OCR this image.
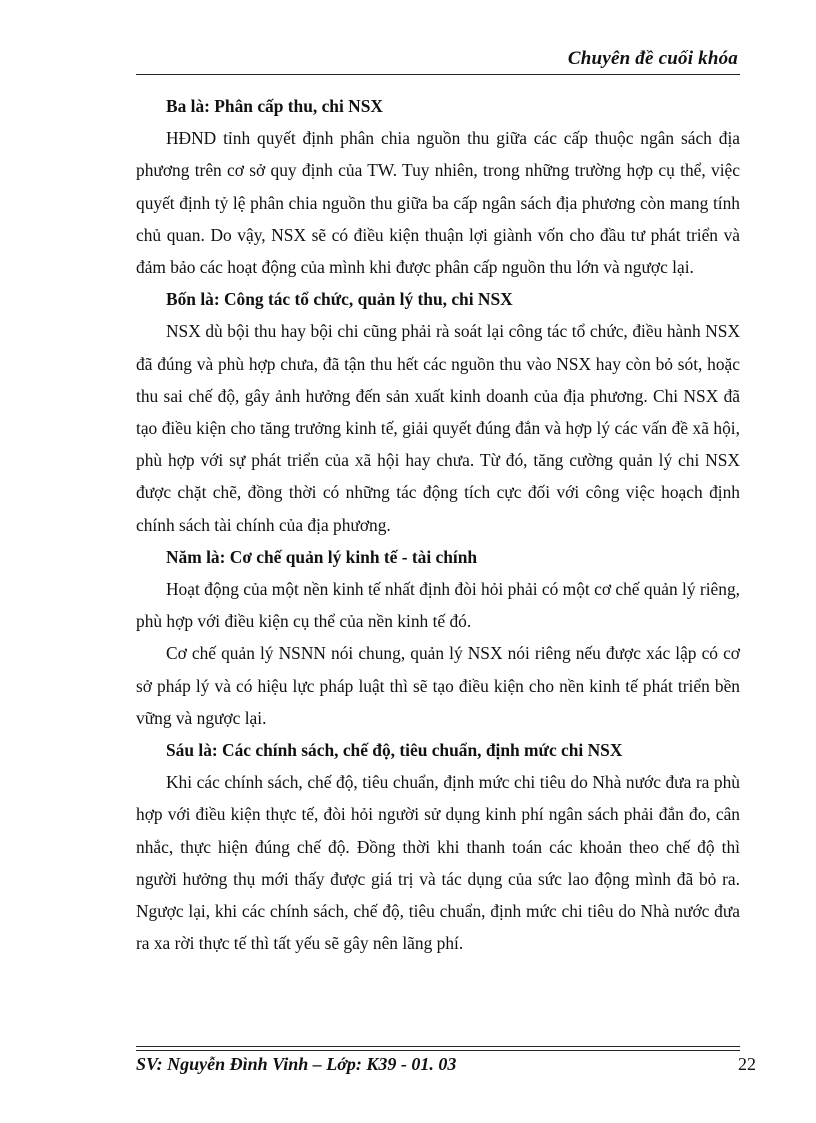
Chuyên đề cuối khóa

Ba là: Phân cấp thu, chi NSX

HĐND tỉnh quyết định phân chia nguồn thu giữa các cấp thuộc ngân sách địa phương trên cơ sở quy định của TW. Tuy nhiên, trong những trường hợp cụ thể, việc quyết định tỷ lệ phân chia nguồn thu giữa ba cấp ngân sách địa phương còn mang tính chủ quan. Do vậy, NSX sẽ có điều kiện thuận lợi giành vốn cho đầu tư phát triển và đảm bảo các hoạt động của mình khi được phân cấp nguồn thu lớn và ngược lại.

Bốn là: Công tác tổ chức, quản lý thu, chi NSX

NSX dù bội thu hay bội chi cũng phải rà soát lại công tác tổ chức, điều hành NSX đã đúng và phù hợp chưa, đã tận thu hết các nguồn thu vào NSX hay còn bỏ sót, hoặc thu sai chế độ, gây ảnh hưởng đến sản xuất kinh doanh của địa phương. Chi NSX đã tạo điều kiện cho tăng trưởng kinh tế, giải quyết đúng đắn và hợp lý các vấn đề xã hội, phù hợp với sự phát triển của xã hội hay chưa. Từ đó, tăng cường quản lý chi NSX được chặt chẽ, đồng thời có những tác động tích cực đối với công việc hoạch định chính sách tài chính của địa phương.

Năm là: Cơ chế quản lý kinh tế - tài chính

Hoạt động của một nền kinh tế nhất định đòi hỏi phải có một cơ chế quản lý riêng, phù hợp với điều kiện cụ thể của nền kinh tế đó.

Cơ chế quản lý NSNN nói chung, quản lý NSX nói riêng nếu được xác lập có cơ sở pháp lý và có hiệu lực pháp luật thì sẽ tạo điều kiện cho nền kinh tế phát triển bền vững và ngược lại.

Sáu là: Các chính sách, chế độ, tiêu chuẩn, định mức chi NSX

Khi các chính sách, chế độ, tiêu chuẩn, định mức chi tiêu do Nhà nước đưa ra phù hợp với điều kiện thực tế, đòi hỏi người sử dụng kinh phí ngân sách phải đắn đo, cân nhắc, thực hiện đúng chế độ. Đồng thời khi thanh toán các khoản theo chế độ thì người hưởng thụ mới thấy được giá trị và tác dụng của sức lao động mình đã bỏ ra. Ngược lại, khi các chính sách, chế độ, tiêu chuẩn, định mức chi tiêu do Nhà nước đưa ra xa rời thực tế thì tất yếu sẽ gây nên lãng phí.

SV: Nguyễn Đình Vinh – Lớp: K39 - 01. 03	22
